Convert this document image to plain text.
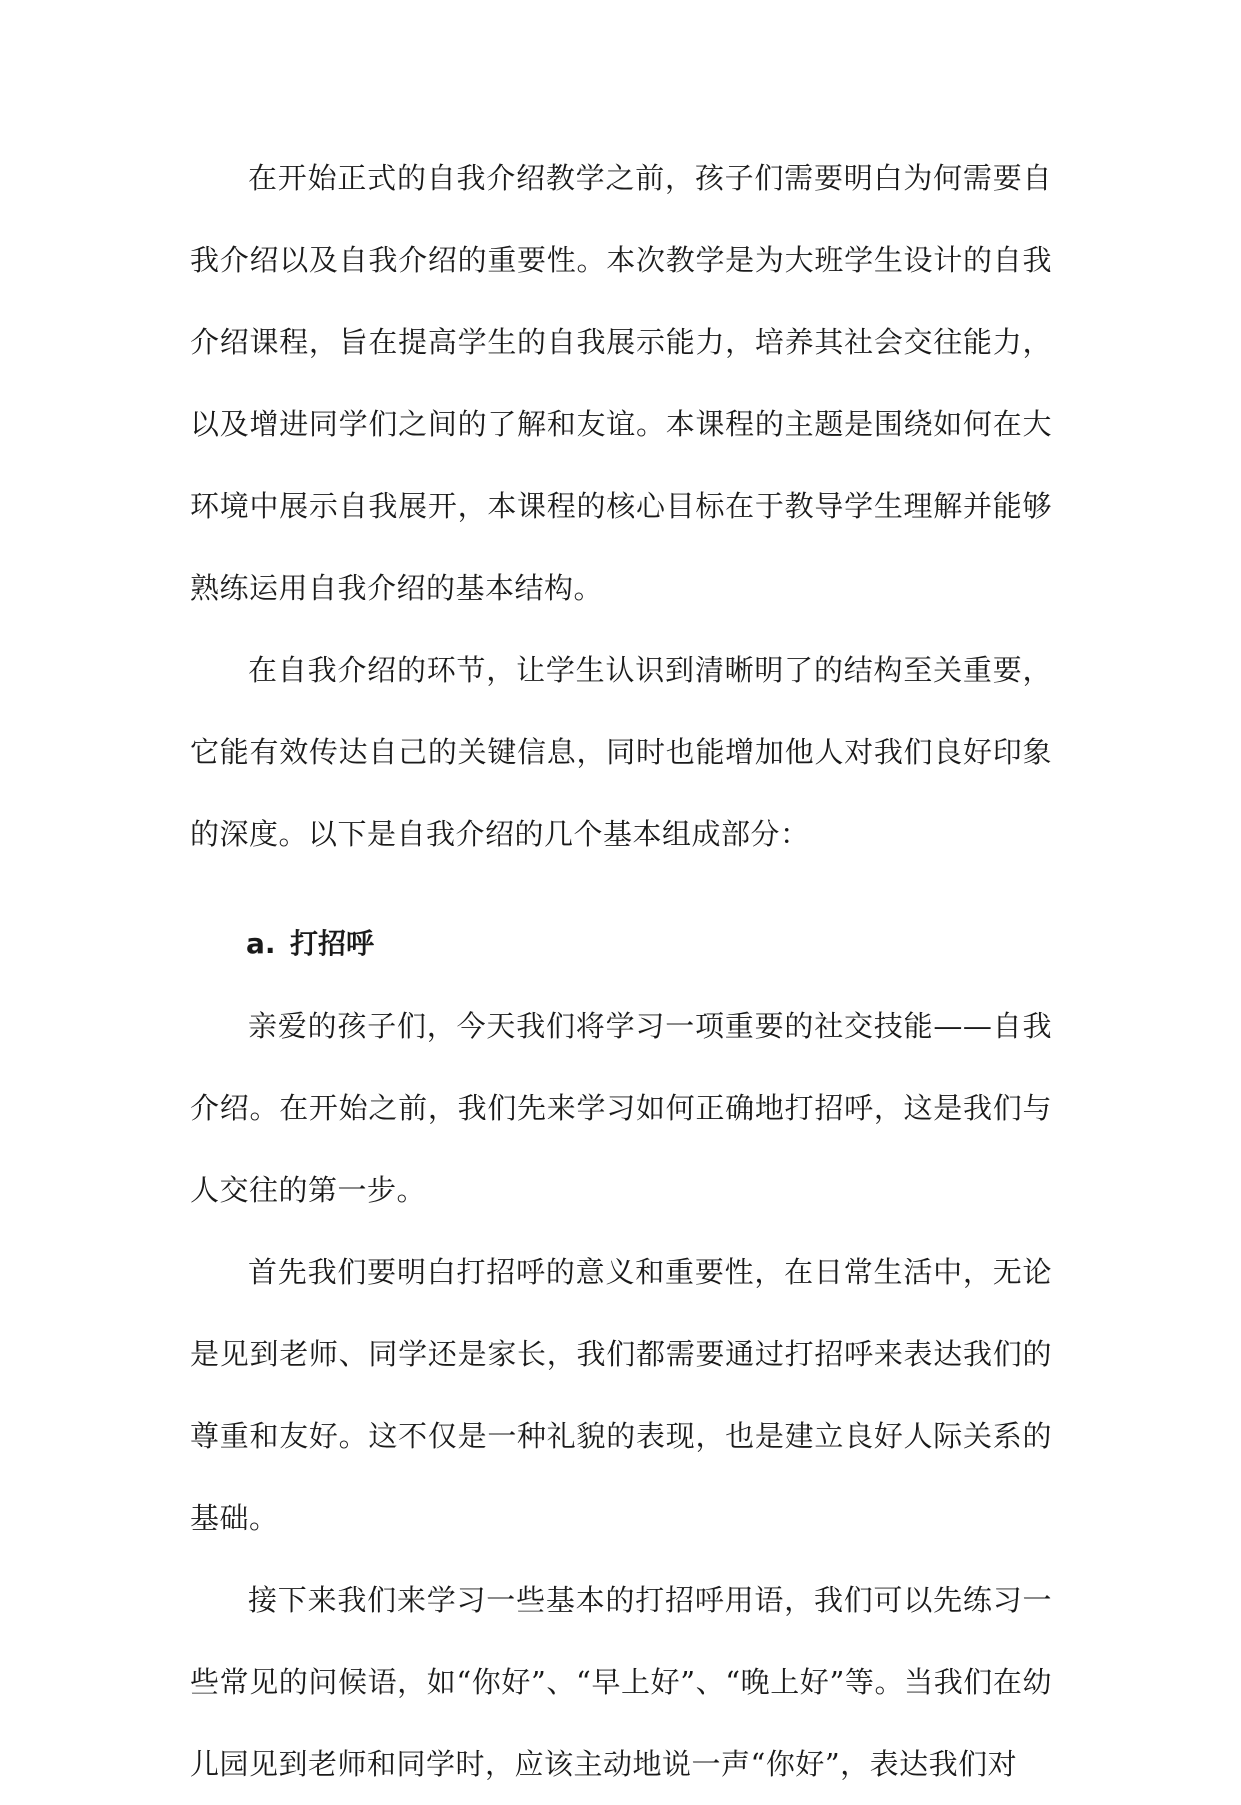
在开始正式的自我介绍教学之前，孩子们需要明白为何需要自我介绍以及自我介绍的重要性。本次教学是为大班学生设计的自我介绍课程，旨在提高学生的自我展示能力，培养其社会交往能力，以及增进同学们之间的了解和友谊。本课程的主题是围绕如何在大环境中展示自我展开，本课程的核心目标在于教导学生理解并能够熟练运用自我介绍的基本结构。

在自我介绍的环节，让学生认识到清晰明了的结构至关重要，它能有效传达自己的关键信息，同时也能增加他人对我们良好印象的深度。以下是自我介绍的几个基本组成部分：

a. 打招呼

亲爱的孩子们，今天我们将学习一项重要的社交技能——自我介绍。在开始之前，我们先来学习如何正确地打招呼，这是我们与人交往的第一步。

首先我们要明白打招呼的意义和重要性，在日常生活中，无论是见到老师、同学还是家长，我们都需要通过打招呼来表达我们的尊重和友好。这不仅是一种礼貌的表现，也是建立良好人际关系的基础。

接下来我们来学习一些基本的打招呼用语，我们可以先练习一些常见的问候语，如“你好”、“早上好”、“晚上好”等。当我们在幼儿园见到老师和同学时，应该主动地说一声“你好”，表达我们对
